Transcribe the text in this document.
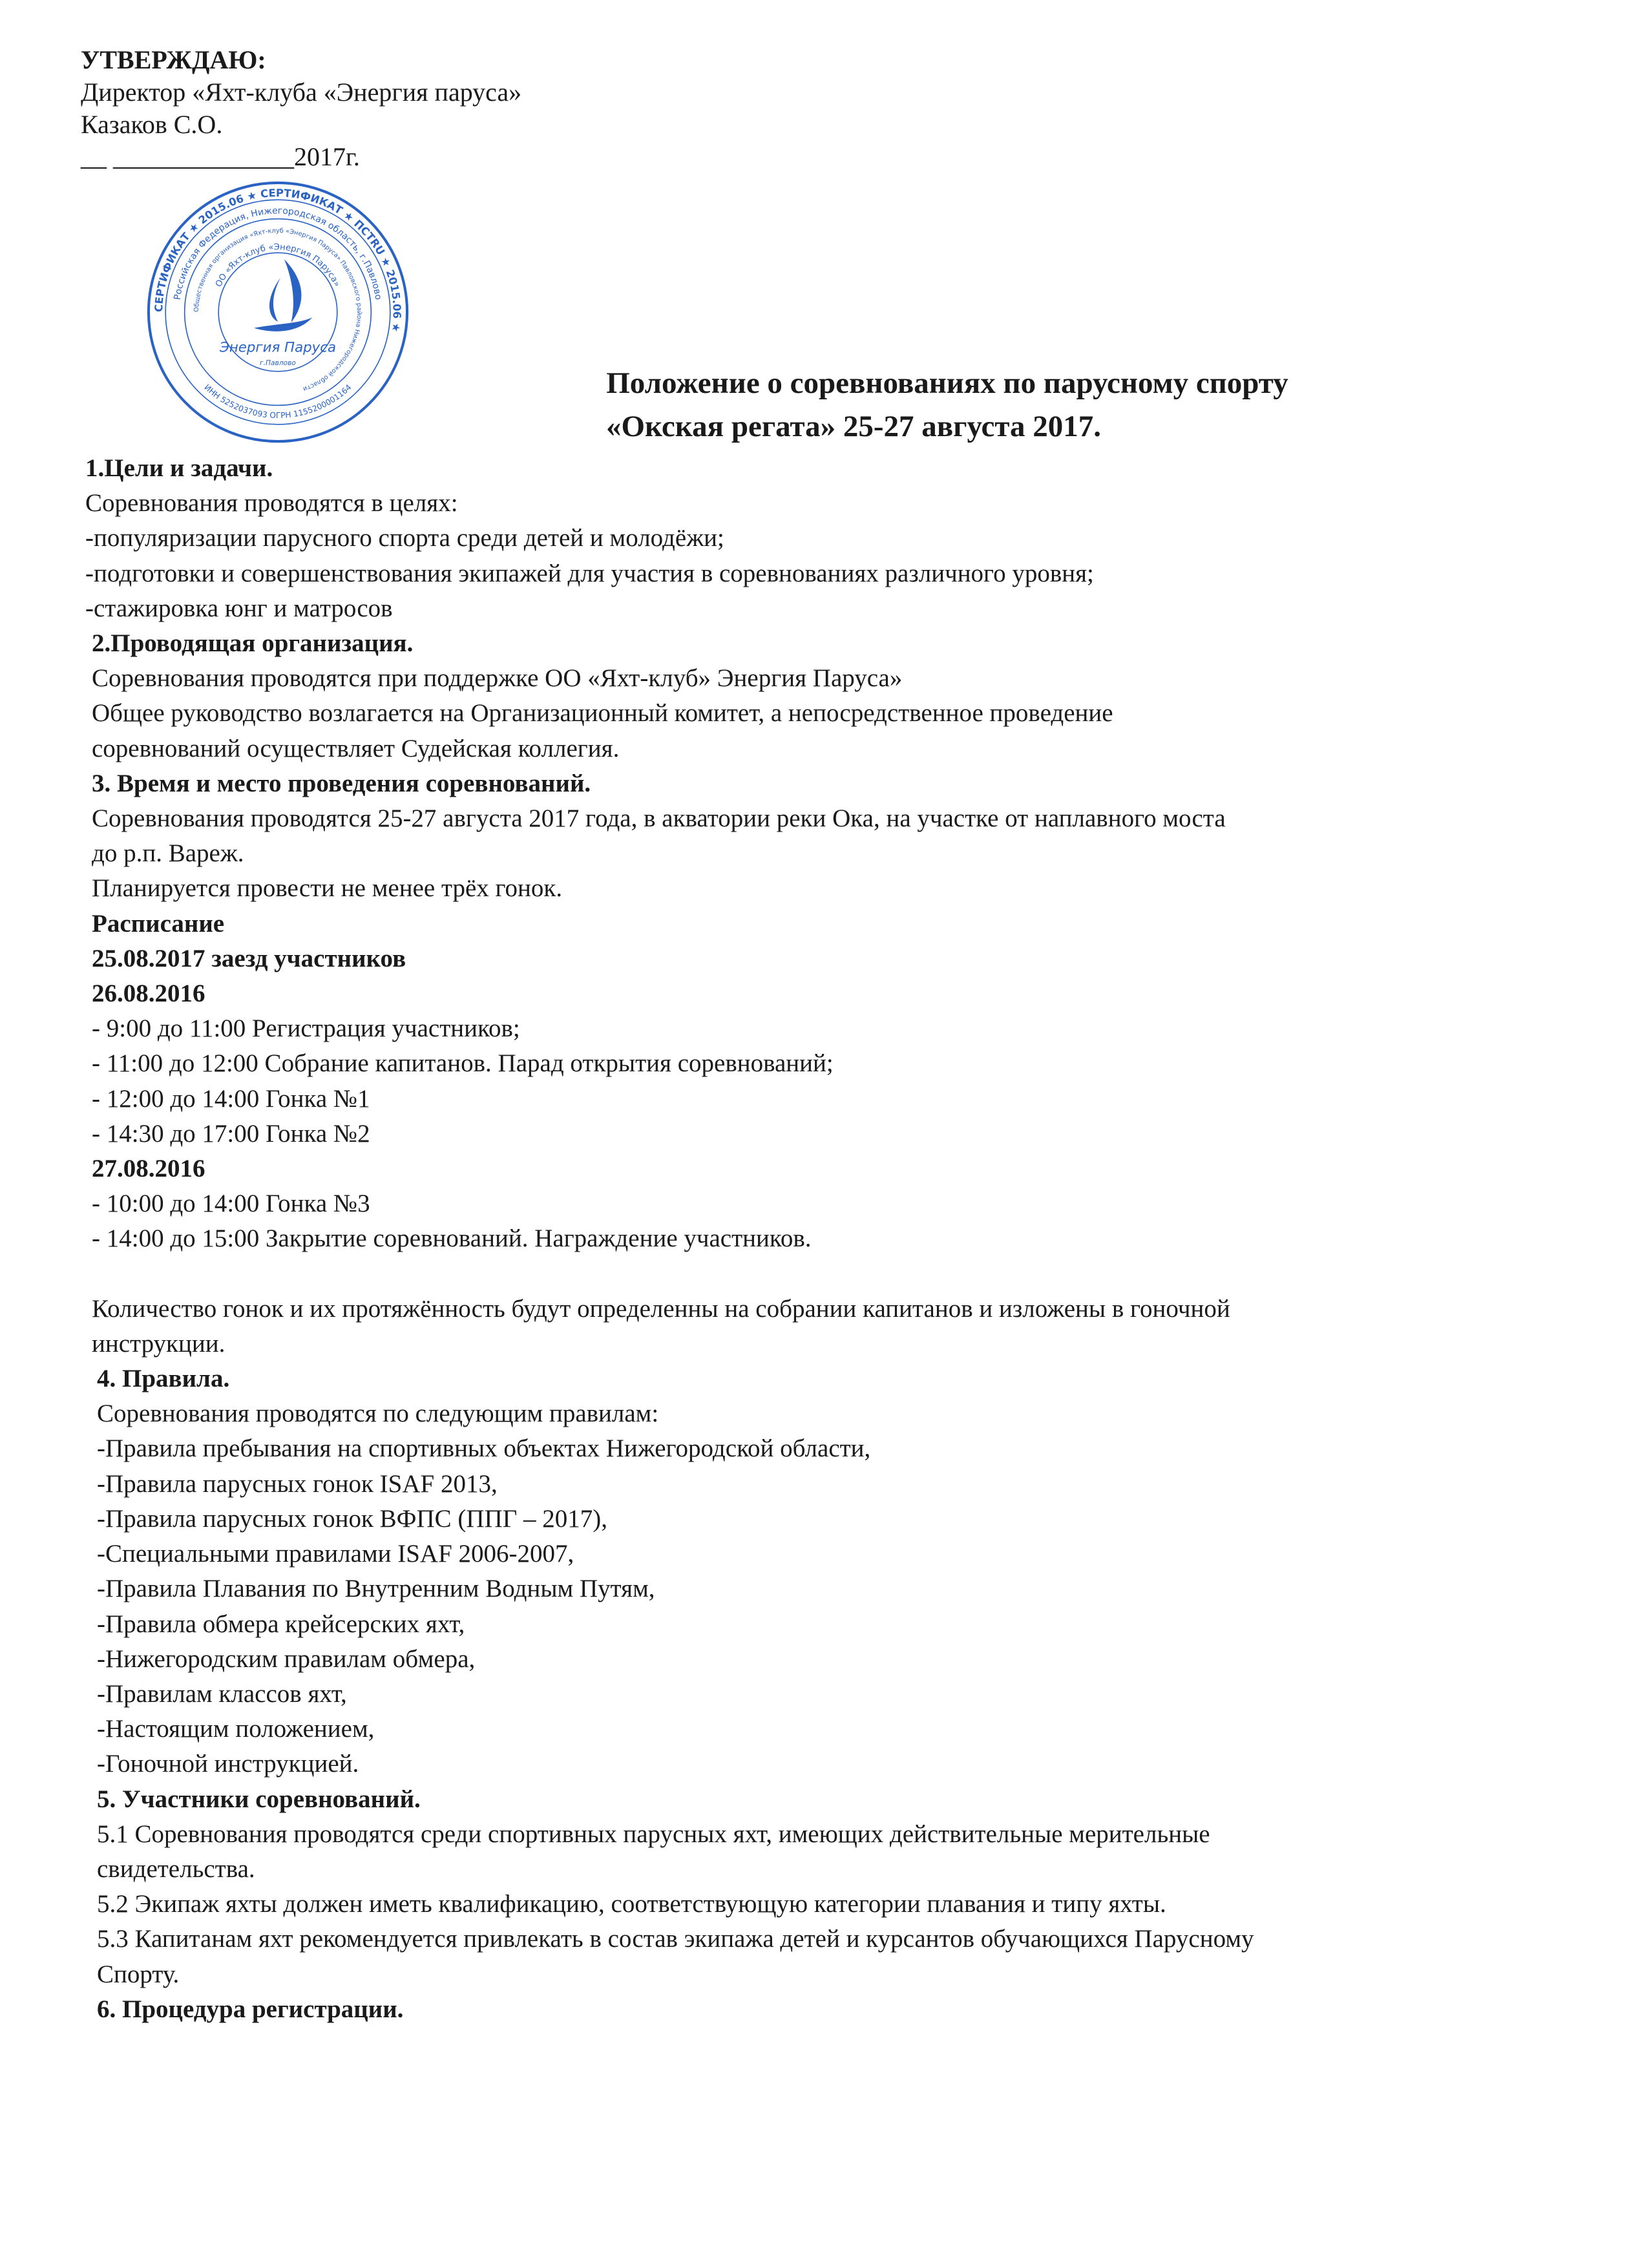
УТВЕРЖДАЮ:
Директор «Яхт-клуба «Энергия паруса»
Казаков С.О.
__ ______________2017г.
СЕРТИФИКАТ ★ 2015.06 ★ СЕРТИФИКАТ ★ ПСТRU ★ 2015.06 ★
Российская Федерация, Нижегородская область, г.Павлово
ИНН 5252037093 ОГРН 1155200001164
Общественная организация «Яхт-клуб «Энергия Паруса» Павловского района Нижегородской области
ОО «Яхт-клуб «Энергия Паруса»
Энергия Паруса
г.Павлово
Положение о соревнованиях по парусному спорту
«Окская регата» 25-27 августа 2017.
1.Цели и задачи.
Соревнования проводятся в целях:
-популяризации парусного спорта среди детей и молодёжи;
-подготовки и совершенствования экипажей для участия в соревнованиях различного уровня;
-стажировка юнг и матросов
2.Проводящая организация.
Соревнования проводятся при поддержке ОО «Яхт-клуб» Энергия Паруса»
Общее руководство возлагается на Организационный комитет, а непосредственное проведение
соревнований осуществляет Судейская коллегия.
3. Время и место проведения соревнований.
Соревнования проводятся 25-27 августа 2017 года, в акватории реки Ока, на участке от наплавного моста
до р.п. Вареж.
Планируется провести не менее трёх гонок.
Расписание
25.08.2017 заезд участников
26.08.2016
- 9:00 до 11:00 Регистрация участников;
- 11:00 до 12:00 Собрание капитанов. Парад открытия соревнований;
- 12:00 до 14:00 Гонка №1
- 14:30 до 17:00 Гонка №2
27.08.2016
- 10:00 до 14:00 Гонка №3
- 14:00 до 15:00 Закрытие соревнований. Награждение участников.
Количество гонок и их протяжённость будут определенны на собрании капитанов и изложены в гоночной
инструкции.
4. Правила.
Соревнования проводятся по следующим правилам:
-Правила пребывания на спортивных объектах Нижегородской области,
-Правила парусных гонок ISAF 2013,
-Правила парусных гонок ВФПС (ППГ – 2017),
-Специальными правилами ISAF 2006-2007,
-Правила Плавания по Внутренним Водным Путям,
-Правила обмера крейсерских яхт,
-Нижегородским правилам обмера,
-Правилам классов яхт,
-Настоящим положением,
-Гоночной инструкцией.
5. Участники соревнований.
5.1 Соревнования проводятся среди спортивных парусных яхт, имеющих действительные мерительные
свидетельства.
5.2 Экипаж яхты должен иметь квалификацию, соответствующую категории плавания и типу яхты.
5.3 Капитанам яхт рекомендуется привлекать в состав экипажа детей и курсантов обучающихся Парусному
Спорту.
6. Процедура регистрации.
